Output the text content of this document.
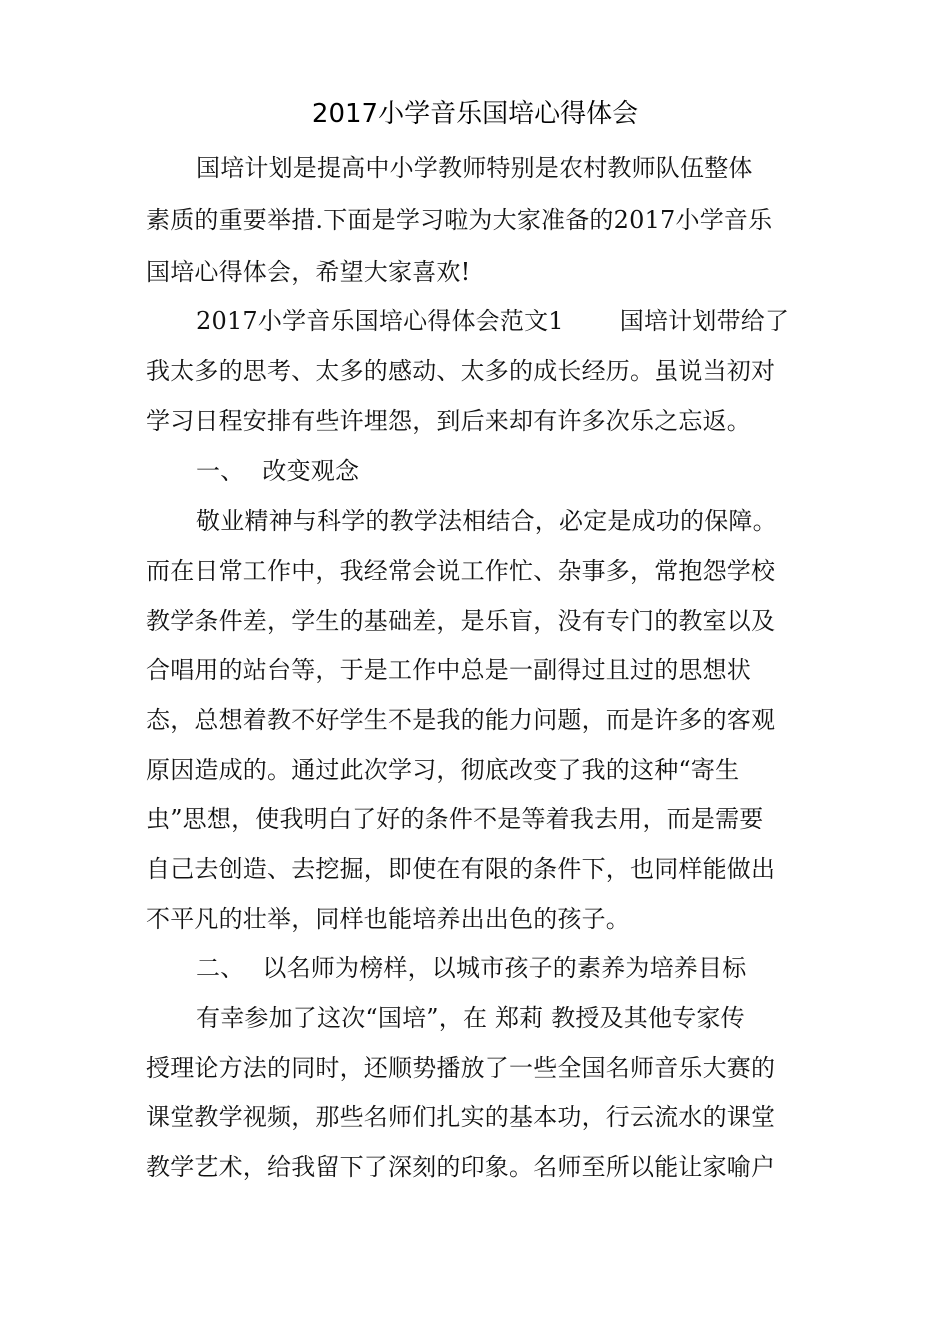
2017小学音乐国培心得体会
国培计划是提高中小学教师特别是农村教师队伍整体
素质的重要举措.下面是学习啦为大家准备的2017小学音乐
国培心得体会，希望大家喜欢!
2017小学音乐国培心得体会范文1 国培计划带给了
我太多的思考、太多的感动、太多的成长经历。虽说当初对
学习日程安排有些许埋怨，到后来却有许多次乐之忘返。
一、 改变观念
敬业精神与科学的教学法相结合，必定是成功的保障。
而在日常工作中，我经常会说工作忙、杂事多，常抱怨学校
教学条件差，学生的基础差，是乐盲，没有专门的教室以及
合唱用的站台等，于是工作中总是一副得过且过的思想状
态，总想着教不好学生不是我的能力问题，而是许多的客观
原因造成的。通过此次学习，彻底改变了我的这种“寄生
虫”思想，使我明白了好的条件不是等着我去用，而是需要
自己去创造、去挖掘，即使在有限的条件下，也同样能做出
不平凡的壮举，同样也能培养出出色的孩子。
二、 以名师为榜样，以城市孩子的素养为培养目标
有幸参加了这次“国培”，在 郑莉 教授及其他专家传
授理论方法的同时，还顺势播放了一些全国名师音乐大赛的
课堂教学视频，那些名师们扎实的基本功，行云流水的课堂
教学艺术，给我留下了深刻的印象。名师至所以能让家喻户
